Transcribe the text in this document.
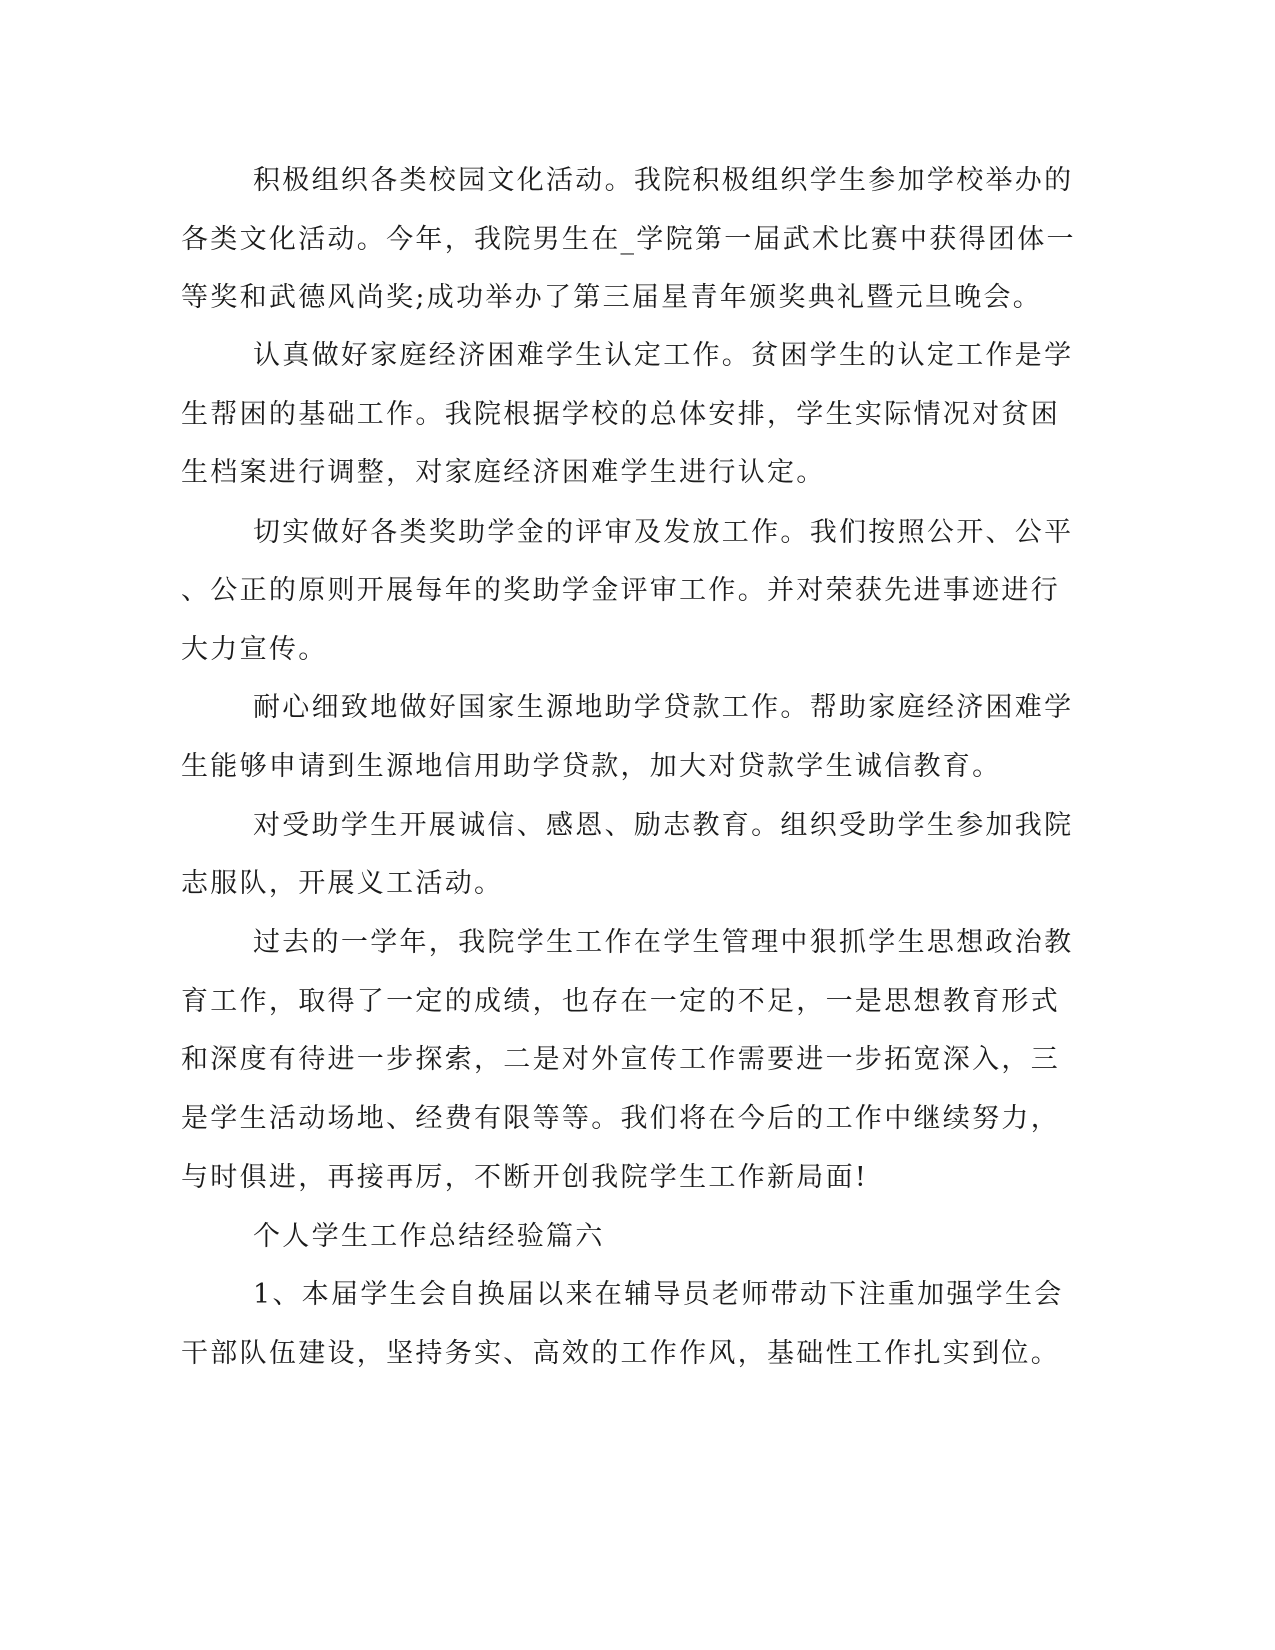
积极组织各类校园文化活动。我院积极组织学生参加学校举办的
各类文化活动。今年，我院男生在_学院第一届武术比赛中获得团体一
等奖和武德风尚奖;成功举办了第三届星青年颁奖典礼暨元旦晚会。
认真做好家庭经济困难学生认定工作。贫困学生的认定工作是学
生帮困的基础工作。我院根据学校的总体安排，学生实际情况对贫困
生档案进行调整，对家庭经济困难学生进行认定。
切实做好各类奖助学金的评审及发放工作。我们按照公开、公平
、公正的原则开展每年的奖助学金评审工作。并对荣获先进事迹进行
大力宣传。
耐心细致地做好国家生源地助学贷款工作。帮助家庭经济困难学
生能够申请到生源地信用助学贷款，加大对贷款学生诚信教育。
对受助学生开展诚信、感恩、励志教育。组织受助学生参加我院
志服队，开展义工活动。
过去的一学年，我院学生工作在学生管理中狠抓学生思想政治教
育工作，取得了一定的成绩，也存在一定的不足，一是思想教育形式
和深度有待进一步探索，二是对外宣传工作需要进一步拓宽深入，三
是学生活动场地、经费有限等等。我们将在今后的工作中继续努力，
与时俱进，再接再厉，不断开创我院学生工作新局面!
个人学生工作总结经验篇六
1、本届学生会自换届以来在辅导员老师带动下注重加强学生会
干部队伍建设，坚持务实、高效的工作作风，基础性工作扎实到位。
